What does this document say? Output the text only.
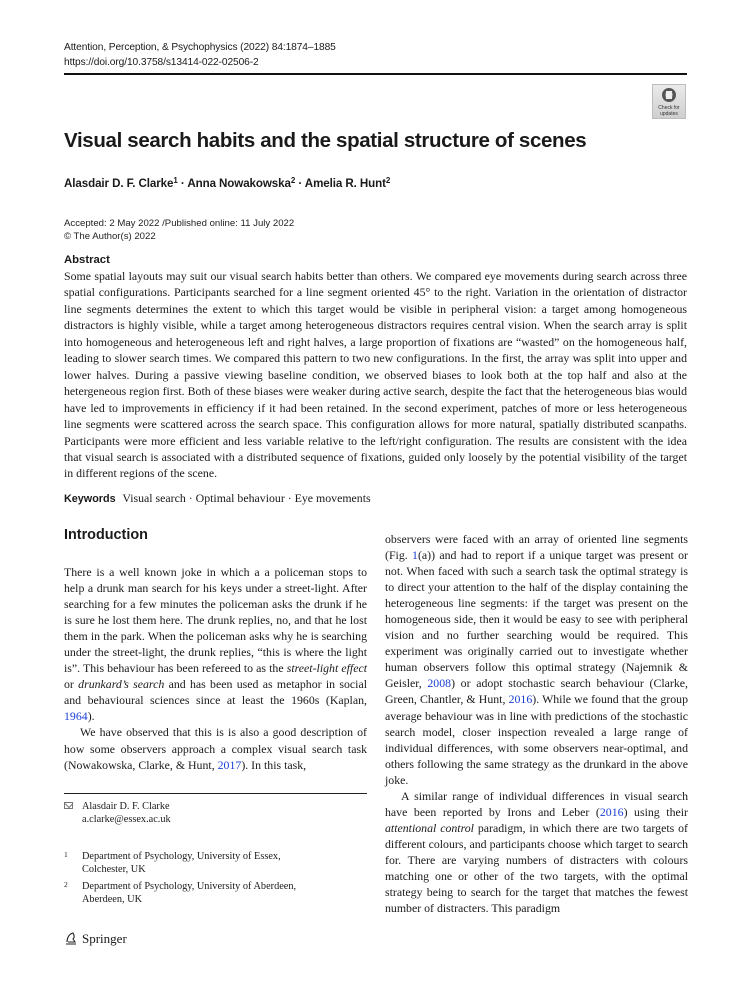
Attention, Perception, & Psychophysics (2022) 84:1874–1885
https://doi.org/10.3758/s13414-022-02506-2
Check for
updates
Visual search habits and the spatial structure of scenes
Alasdair D. F. Clarke$^1$ · Anna Nowakowska$^2$ · Amelia R. Hunt$^2$
Accepted: 2 May 2022 /Published online: 11 July 2022
© The Author(s) 2022
Abstract
Some spatial layouts may suit our visual search habits better than others. We compared eye movements during search across three spatial configurations. Participants searched for a line segment oriented 45° to the right. Variation in the orientation of distractor line segments determines the extent to which this target would be visible in peripheral vision: a target among homogeneous distractors is highly visible, while a target among heterogeneous distractors requires central vision. When the search array is split into homogeneous and heterogeneous left and right halves, a large proportion of fixations are “wasted” on the homogeneous half, leading to slower search times. We compared this pattern to two new configurations. In the first, the array was split into upper and lower halves. During a passive viewing baseline condition, we observed biases to look both at the top half and also at the hetergeneous region first. Both of these biases were weaker during active search, despite the fact that the heterogeneous bias would have led to improvements in efficiency if it had been retained. In the second experiment, patches of more or less heterogeneous line segments were scattered across the search space. This configuration allows for more natural, spatially distributed scanpaths. Participants were more efficient and less variable relative to the left/right configuration. The results are consistent with the idea that visual search is associated with a distributed sequence of fixations, guided only loosely by the potential visibility of the target in different regions of the scene.
Keywords Visual search · Optimal behaviour · Eye movements
Introduction

There is a well known joke in which a a policeman stops to help a drunk man search for his keys under a street-light. After searching for a few minutes the policeman asks the drunk if he is sure he lost them here. The drunk replies, no, and that he lost them in the park. When the policeman asks why he is searching under the street-light, the drunk replies, “this is where the light is”. This behaviour has been refereed to as the street-light effect or drunkard’s search and has been used as metaphor in social and behavioural sciences since at least the 1960s (Kaplan, 1964).

We have observed that this is is also a good description of how some observers approach a complex visual search task (Nowakowska, Clarke, & Hunt, 2017). In this task,

observers were faced with an array of oriented line segments (Fig. 1(a)) and had to report if a unique target was present or not. When faced with such a search task the optimal strategy is to direct your attention to the half of the display containing the heterogeneous line segments: if the target was present on the homogeneous side, then it would be easy to see with peripheral vision and no further searching would be required. This experiment was originally carried out to investigate whether human observers follow this optimal strategy (Najemnik & Geisler, 2008) or adopt stochastic search behaviour (Clarke, Green, Chantler, & Hunt, 2016). While we found that the group average behaviour was in line with predictions of the stochastic search model, closer inspection revealed a large range of individual differences, with some observers near-optimal, and others following the same strategy as the drunkard in the above joke.

A similar range of individual differences in visual search have been reported by Irons and Leber (2016) using their attentional control paradigm, in which there are two targets of different colours, and participants choose which target to search for. There are varying numbers of distracters with colours matching one or other of the two targets, with the optimal strategy being to search for the target that matches the fewest number of distracters. This paradigm

Alasdair D. F. Clarke
a.clarke@essex.ac.uk
1 Department of Psychology, University of Essex,
Colchester, UK
2 Department of Psychology, University of Aberdeen,
Aberdeen, UK
Springer
